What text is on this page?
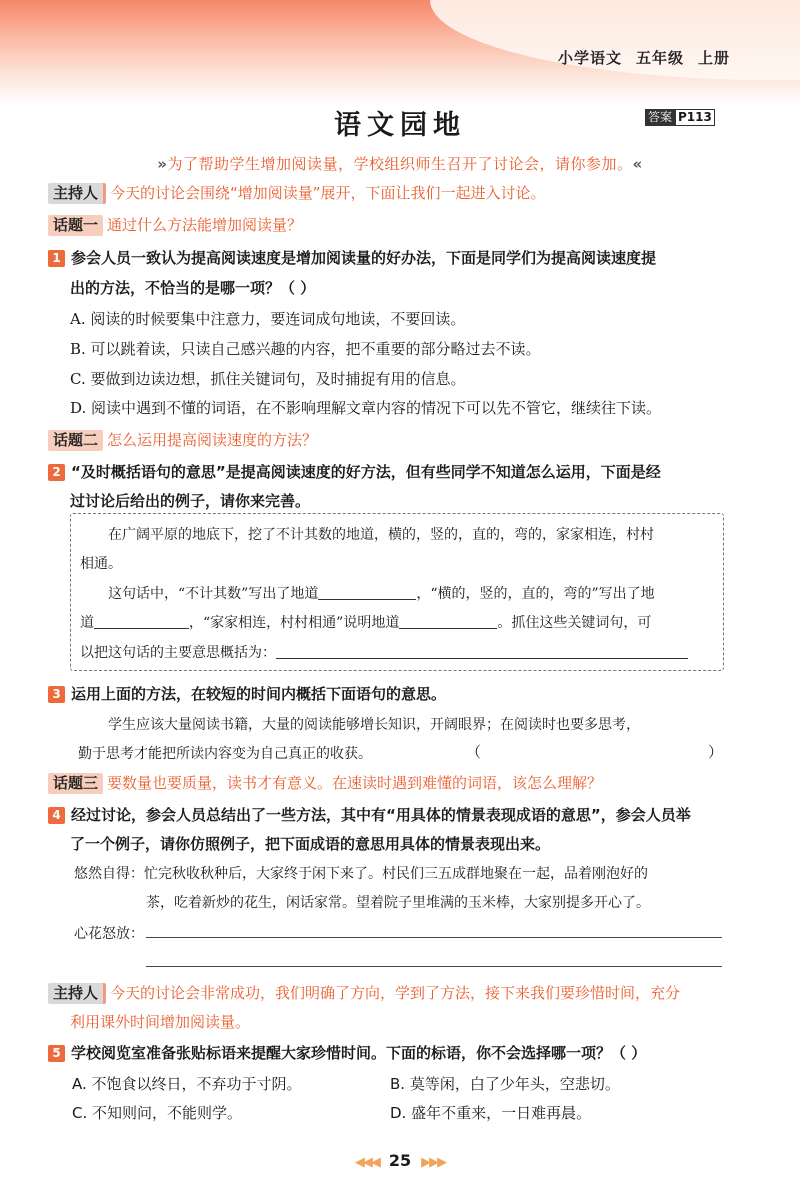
小学语文 五年级 上册
语文园地	答案 P113
»为了帮助学生增加阅读量，学校组织师生召开了讨论会，请你参加。«
主持人 今天的讨论会围绕“增加阅读量”展开，下面让我们一起进入讨论。
话题一 通过什么方法能增加阅读量？
1 参会人员一致认为提高阅读速度是增加阅读量的好办法，下面是同学们为提高阅读速度提
出的方法，不恰当的是哪一项？（ ）
A. 阅读的时候要集中注意力，要连词成句地读，不要回读。
B. 可以跳着读，只读自己感兴趣的内容，把不重要的部分略过去不读。
C. 要做到边读边想，抓住关键词句，及时捕捉有用的信息。
D. 阅读中遇到不懂的词语，在不影响理解文章内容的情况下可以先不管它，继续往下读。
话题二 怎么运用提高阅读速度的方法？
2 “及时概括语句的意思”是提高阅读速度的好方法，但有些同学不知道怎么运用，下面是经
过讨论后给出的例子，请你来完善。
在广阔平原的地底下，挖了不计其数的地道，横的，竖的，直的，弯的，家家相连，村村
相通。
这句话中，“不计其数”写出了地道	，“横的，竖的，直的，弯的”写出了地
道	，“家家相连，村村相通”说明地道	。抓住这些关键词句，可
以把这句话的主要意思概括为：
3 运用上面的方法，在较短的时间内概括下面语句的意思。
学生应该大量阅读书籍，大量的阅读能够增长知识，开阔眼界；在阅读时也要多思考，
勤于思考才能把所读内容变为自己真正的收获。	（	）
话题三 要数量也要质量，读书才有意义。在速读时遇到难懂的词语，该怎么理解？
4 经过讨论，参会人员总结出了一些方法，其中有“用具体的情景表现成语的意思”，参会人员举
了一个例子，请你仿照例子，把下面成语的意思用具体的情景表现出来。
悠然自得：忙完秋收秋种后，大家终于闲下来了。村民们三五成群地聚在一起，品着刚泡好的
茶，吃着新炒的花生，闲话家常。望着院子里堆满的玉米棒，大家别提多开心了。
心花怒放：
主持人 今天的讨论会非常成功，我们明确了方向，学到了方法，接下来我们要珍惜时间，充分
利用课外时间增加阅读量。
5 学校阅览室准备张贴标语来提醒大家珍惜时间。下面的标语，你不会选择哪一项？（ ）
A. 不饱食以终日，不弃功于寸阴。	B. 莫等闲，白了少年头，空悲切。
C. 不知则问，不能则学。	D. 盛年不重来，一日难再晨。
◀◀◀ 25 ▶▶▶
